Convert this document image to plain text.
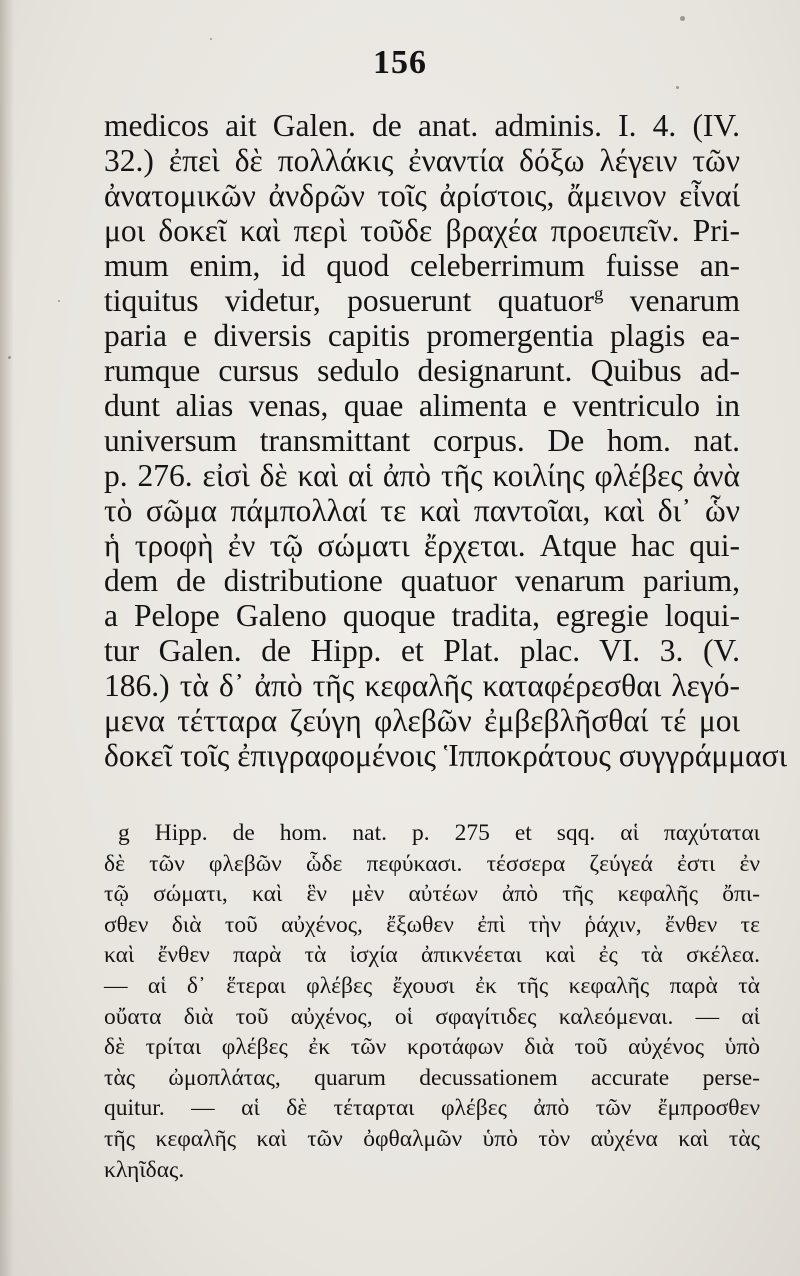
156
medicos ait Galen. de anat. adminis. I. 4. (IV.
32.) ἐπεὶ δὲ πολλάκις ἐναντία δόξω λέγειν τῶν
ἀνατομικῶν ἀνδρῶν τοῖς ἀρίστοις, ἄμεινον εἶναί
μοι δοκεῖ καὶ περὶ τοῦδε βραχέα προειπεῖν. Pri-
mum enim, id quod celeberrimum fuisse an-
tiquitus videtur, posuerunt quatuor$^g$ venarum
paria e diversis capitis promergentia plagis ea-
rumque cursus sedulo designarunt. Quibus ad-
dunt alias venas, quae alimenta e ventriculo in
universum transmittant corpus. De hom. nat.
p. 276. εἰσὶ δὲ καὶ αἱ ἀπὸ τῆς κοιλίης φλέβες ἀνὰ
τὸ σῶμα πάμπολλαί τε καὶ παντοῖαι, καὶ δι᾽ ὧν
ἡ τροφὴ ἐν τῷ σώματι ἔρχεται. Atque hac qui-
dem de distributione quatuor venarum parium,
a Pelope Galeno quoque tradita, egregie loqui-
tur Galen. de Hipp. et Plat. plac. VI. 3. (V.
186.) τὰ δ᾽ ἀπὸ τῆς κεφαλῆς καταφέρεσθαι λεγό-
μενα τέτταρα ζεύγη φλεβῶν ἐμβεβλῆσθαί τέ μοι
δοκεῖ τοῖς ἐπιγραφομένοις Ἱπποκράτους συγγράμμασι
g Hipp. de hom. nat. p. 275 et sqq. αἱ παχύταται
δὲ τῶν φλεβῶν ὧδε πεφύκασι. τέσσερα ζεύγεά ἐστι ἐν
τῷ σώματι, καὶ ἓν μὲν αὐτέων ἀπὸ τῆς κεφαλῆς ὄπι-
σθεν διὰ τοῦ αὐχένος, ἔξωθεν ἐπὶ τὴν ῥάχιν, ἔνθεν τε
καὶ ἔνθεν παρὰ τὰ ἰσχία ἀπικνέεται καὶ ἐς τὰ σκέλεα.
— αἱ δ᾽ ἕτεραι φλέβες ἔχουσι ἐκ τῆς κεφαλῆς παρὰ τὰ
οὔατα διὰ τοῦ αὐχένος, οἱ σφαγίτιδες καλεόμεναι. — αἱ
δὲ τρίται φλέβες ἐκ τῶν κροτάφων διὰ τοῦ αὐχένος ὑπὸ
τὰς ὠμοπλάτας, quarum decussationem accurate perse-
quitur. — αἱ δὲ τέταρται φλέβες ἀπὸ τῶν ἔμπροσθεν
τῆς κεφαλῆς καὶ τῶν ὀφθαλμῶν ὑπὸ τὸν αὐχένα καὶ τὰς
κληῖδας.
